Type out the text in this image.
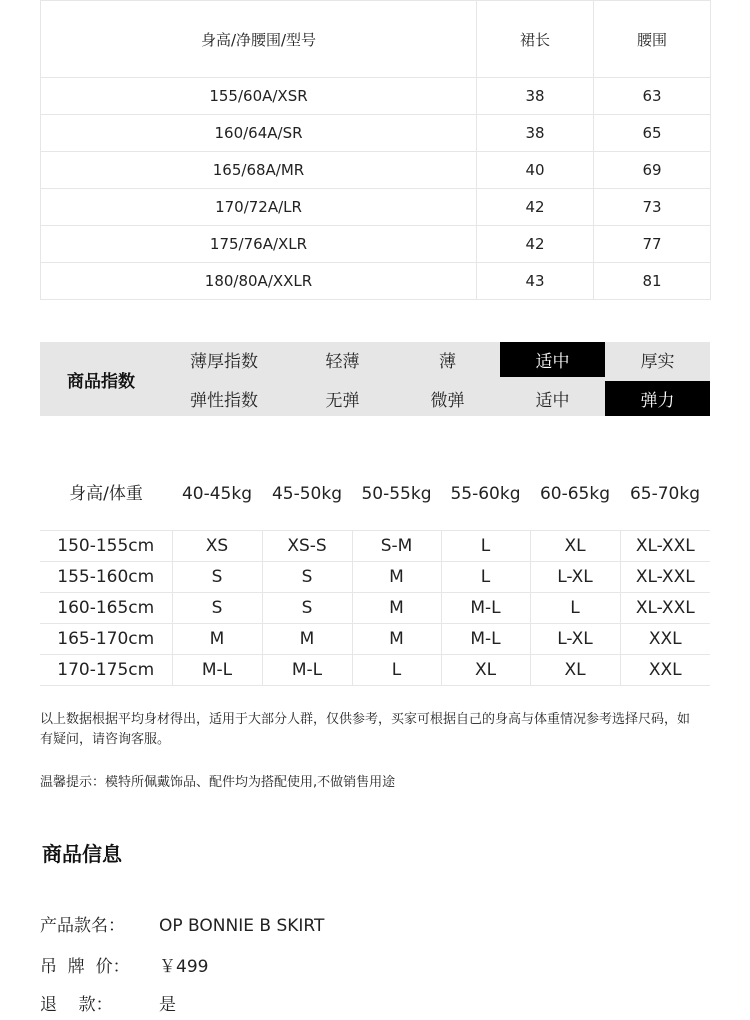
身高/净腰围/型号	裙长	腰围
155/60A/XSR	38	63
160/64A/SR	38	65
165/68A/MR	40	69
170/72A/LR	42	73
175/76A/XLR	42	77
180/80A/XXLR	43	81
商品指数
薄厚指数	轻薄	薄	适中	厚实
弹性指数	无弹	微弹	适中	弹力
身高/体重	40-45kg	45-50kg	50-55kg	55-60kg	60-65kg	65-70kg
150-155cm	XS	XS-S	S-M	L	XL	XL-XXL
155-160cm	S	S	M	L	L-XL	XL-XXL
160-165cm	S	S	M	M-L	L	XL-XXL
165-170cm	M	M	M	M-L	L-XL	XXL
170-175cm	M-L	M-L	L	XL	XL	XXL
以上数据根据平均身材得出，适用于大部分人群，仅供参考，买家可根据自己的身高与体重情况参考选择尺码，如有疑问，请咨询客服。
温馨提示：模特所佩戴饰品、配件均为搭配使用,不做销售用途
商品信息
产品款名： OP BONNIE B SKIRT
吊  牌  价： ￥499
退    款：	是
